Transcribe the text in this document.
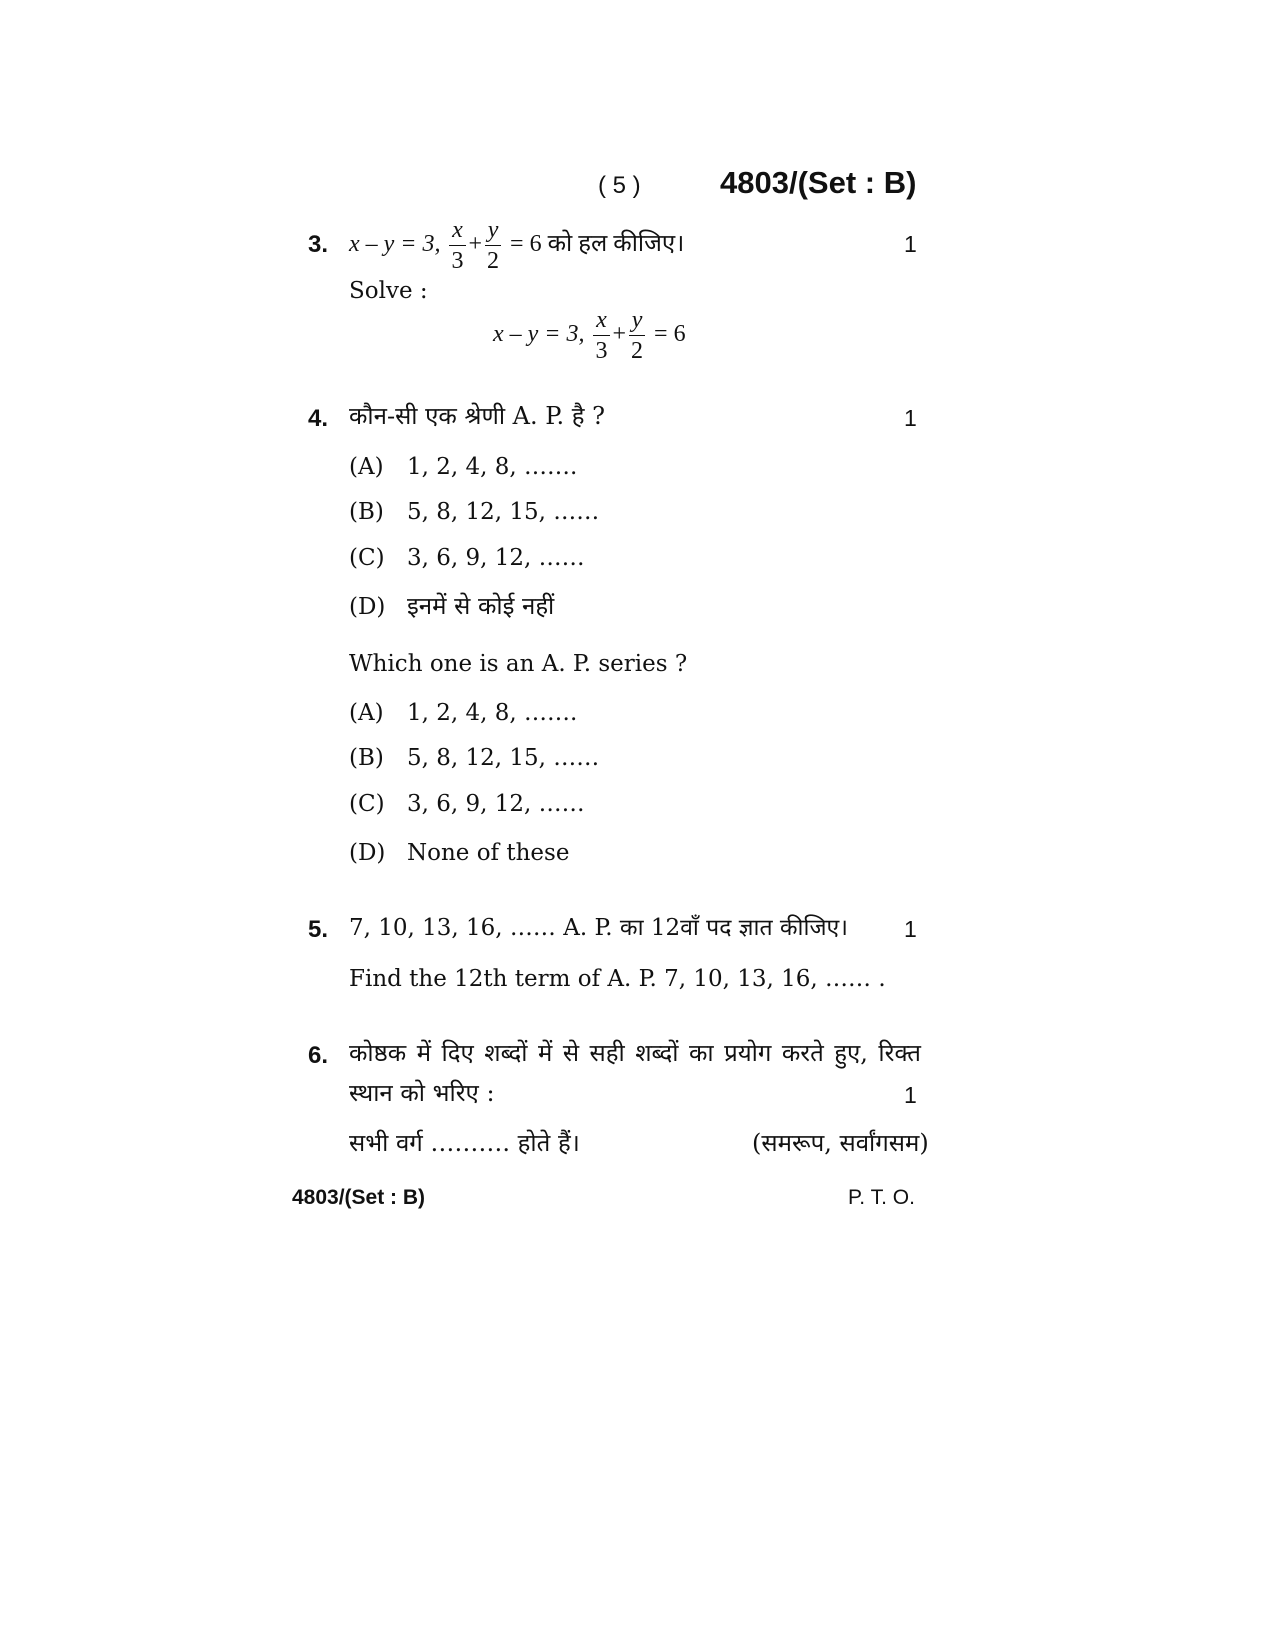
( 5 )	4803/(Set : B)
3. x – y = 3, $\frac{x}{3} + \frac{y}{2} = 6$ को हल कीजिए।	1
Solve :
x – y = 3, $\frac{x}{3} + \frac{y}{2} = 6$
4. कौन-सी एक श्रेणी A. P. है ?	1
(A) 1, 2, 4, 8, …….
(B) 5, 8, 12, 15, ……
(C) 3, 6, 9, 12, ……
(D) इनमें से कोई नहीं
Which one is an A. P. series ?
(A) 1, 2, 4, 8, …….
(B) 5, 8, 12, 15, ……
(C) 3, 6, 9, 12, ……
(D) None of these
5. 7, 10, 13, 16, …… A. P. का 12वाँ पद ज्ञात कीजिए। 1
Find the 12th term of A. P. 7, 10, 13, 16, …… .
6. कोष्ठक में दिए शब्दों में से सही शब्दों का प्रयोग करते हुए, रिक्त
स्थान को भरिए :	1
सभी वर्ग ………. होते हैं।	(समरूप, सर्वांगसम)
4803/(Set : B)	P. T. O.
